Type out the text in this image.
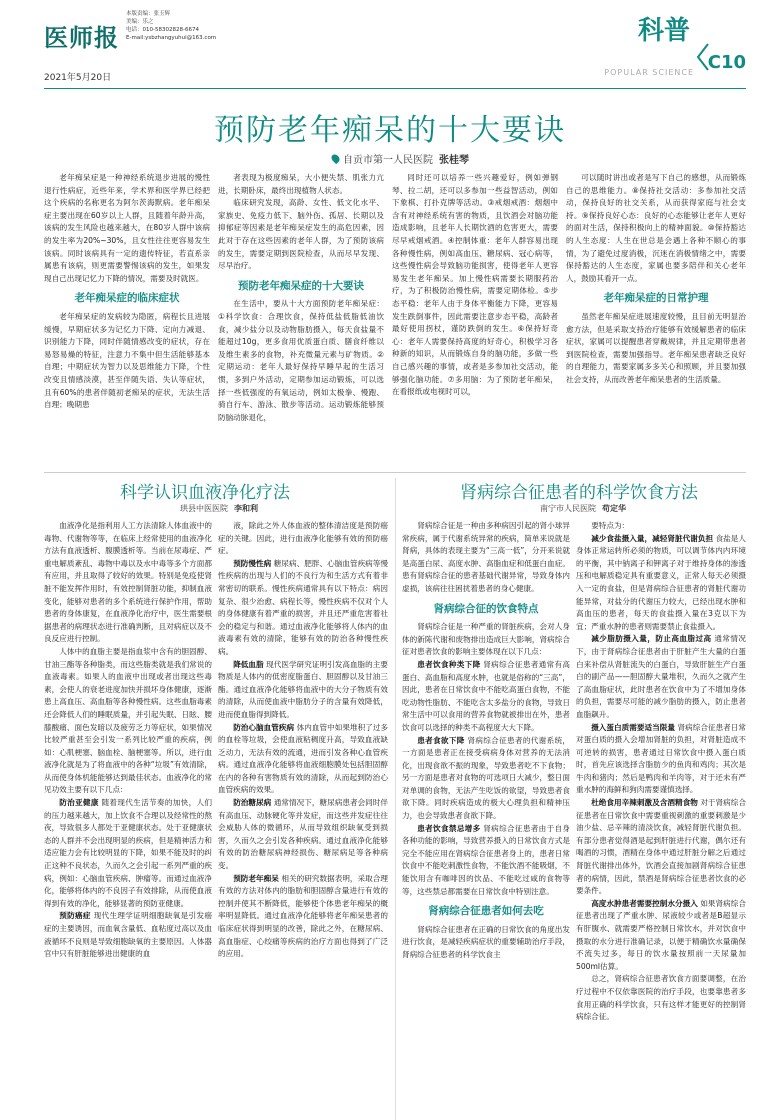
医师报
本版责编：张玉辉
美编：乐之
电话：010-58302828-6674
E-mail:ysbzhangyuhui@163.com
2021年5月20日
科普
POPULAR SCIENCE C10
预防老年痴呆的十大要诀
自贡市第一人民医院 张桂琴

老年痴呆症是一种神经系统退步进展的慢性退行性病症，近些年来，学术界和医学界已经把这个疾病的名称更名为阿尔茨海默病。老年痴呆症主要出现在60岁以上人群，且随着年龄升高，该病的发生风险也越来越大，在80岁人群中该病的发生率为20%~30%，且女性往往更容易发生该病。同时该病具有一定的遗传特征，若直系亲属患有该病，则更需要警惕该病的发生，如果发现自己出现记忆力下降的情况，需要及时就医。

老年痴呆症的临床症状

老年痴呆症的发病较为隐匿，病程长且进展缓慢，早期症状多为记忆力下降、定向力减退、识别能力下降，同时伴随情感改变的症状，存在易怒易燥的特征，注意力不集中但生活能够基本自理；中期症状为智力以及思维能力下降，个性改变且情感淡漠，甚至伴随失语、失认等症状，且有60%的患者伴随初老痴呆的症状，无法生活自理；晚期患

者表现为极度痴呆，大小便失禁、肌张力亢进，长期卧床，最终出现植物人状态。

临床研究发现，高龄、女性、低文化水平、家族史、免疫力低下、脑外伤、孤居、长期以及抑郁症等因素是老年痴呆症发生的高危因素，因此对于存在这些因素的老年人群，为了预防该病的发生，需要定期到医院检查，从而尽早发现、尽早治疗。

预防老年痴呆症的十大要诀

在生活中，要从十大方面预防老年痴呆症：①科学饮食：合理饮食，保持低盐低脂低油饮食，减少盐分以及动物脂肪摄入，每天食盐量不能超过10g，更多食用优质蛋白质、膳食纤维以及维生素多的食物，补充微量元素与矿物质。②定期运动：老年人最好保持早睡早起的生活习惯，多到户外活动，定期参加运动锻炼，可以选择一些低强度的有氧运动，例如太极拳、慢跑、骑自行车、游泳、散步等活动。运动锻炼能够预防脑动脉退化，

同时还可以培养一些兴趣爱好，例如弹钢琴、拉二胡，还可以多参加一些益智活动，例如下象棋、打扑克牌等活动。③戒烟戒酒：烟烟中含有对神经系统有害的物质，且饮酒会对脑功能造成影响，且老年人长期饮酒的危害更大，需要尽早戒烟戒酒。④控制体重：老年人群容易出现各种慢性病，例如高血压、糖尿病、冠心病等，这些慢性病会导致脑功能损害，使得老年人更容易发生老年痴呆。加上慢性病需要长期服药治疗，为了积极防治慢性病，需要定期体检。⑤步态平稳：老年人由于身体平衡能力下降，更容易发生跌倒事件，因此需要注意步态平稳，高龄者最好使用拐杖，谨防跌倒的发生。⑥保持好奇心：老年人需要保持高度的好奇心，积极学习各种新的知识，从而锻炼自身的脑功能，多做一些自己感兴趣的事情，或者是多参加社交活动，能够强化脑功能。⑦多用脑：为了预防老年痴呆，在看报纸或电视时可以，

可以随时讲出或者是写下自己的感想，从而锻炼自己的思维能力。⑧保持社交活动：多参加社交活动，保持良好的社交关系，从而获得家庭与社会支持。⑨保持良好心态：良好的心态能够让老年人更好的面对生活，保持积极向上的精神面貌。⑩保持豁达的人生态度：人生在世总是会遇上各种不顺心的事情，为了避免过度消极，沉迷在消极情绪之中，需要保持豁达的人生态度，家属也要多陪伴和关心老年人，鼓励其看开一点。

老年痴呆症的日常护理

虽然老年痴呆症进展速度较慢，且目前无明显治愈方法，但是采取支持治疗能够有效缓解患者的临床症状，家属可以提醒患者穿戴规律，并且定期带患者到医院检查，需要加强指导。老年痴呆患者缺乏良好的自理能力，需要家属多多关心和照顾，并且要加强社会支持，从而改善老年痴呆患者的生活质量。

科学认识血液净化疗法
珙县中医医院 李和利

血液净化是指利用人工方法清除人体血液中的毒物、代谢物等等，在临床上经常使用的血液净化方法有血液透析、腹膜透析等。当前在尿毒症、严重电解质紊乱、毒物中毒以及水中毒等多个方面都有应用，并且取得了较好的效果。特别是免疫使肾脏不能发挥作用时，有效控制肾脏功能，抑制血液变化，能够对患者的多个系统进行保护作用，帮助患者的身体康复，在血液净化治疗中，医生需要根据患者的病理状态进行准确判断，且对病症以及不良反应进行控制。

人体中的血脂主要是指血浆中含有的胆固醇、甘油三酯等各种脂类，而这些脂类就是我们常说的血液毒素。如果人的血液中出现或者出现这些毒素，会使人的衰老进度加快并损坏身体健康，逐渐患上高血压、高血脂等各种慢性病。这些血脂毒素还会降低人们的睡眠质量，并引起失眠、日眩、腰膝酸痛、面色发暗以及疲劳乏力等症状，如果情况比较严重甚至会引发一系列比较严重的疾病，例如：心肌梗塞、脑血栓、脑梗塞等。所以，进行血液净化就是为了将血液中的各种“垃圾”有效清除，从而使身体机能能够达到最佳状态。血液净化的常见功效主要有以下几点：

防治亚健康 随着现代生活节奏的加快，人们的压力越来越大，加上饮食不合理以及经常性的熬夜，导致很多人都处于亚健康状态。处于亚健康状态的人群并不会出现明显的疾病，但是精神活力和适应能力会有比较明显的下降，如果不能及时的纠正这种不良状态，久而久之会引起一系列严重的疾病，例如：心脑血管疾病、肿瘤等。而通过血液净化，能够将体内的不良因子有效排除，从而使血液得到有效的净化，能够显著的预防亚健康。

预防癌症 现代生理学证明细胞缺氧是引发癌症的主要诱因，而血氧含量低、血粘度过高以及血液循环不良则是导致细胞缺氧的主要原因。人体器官中只有肝脏能够进出健康的血

液，除此之外人体血液的整体清洁度是预防癌症的关键。因此，进行血液净化能够有效的预防癌症。

预防慢性病 糖尿病、肥胖、心脑血管疾病等慢性疾病的出现与人们的不良行为和生活方式有着非常密切的联系。慢性疾病通常具有以下特点：病因复杂、很少治愈、病程长等，慢性疾病不仅对个人的身体健康有着严重的损害，并且还严重危害着社会的稳定与和谐。通过血液净化能够将人体内的血液毒素有效的清除，能够有效的防治各种慢性疾病。

降低血脂 现代医学研究证明引发高血脂的主要物质是人体内的低密度脂蛋白、胆固醇以及甘油三酯。通过血液净化能够将血液中的大分子物质有效的清除，从而使血液中脂肪分子的含量有效降低，进而使血脂得到降低。

防治心脑血管疾病 体内血管中如果堆积了过多的血栓等垃圾，会使血液粘稠度升高，导致血液缺乏动力，无法有效的流通，进而引发各种心血管疾病。通过血液净化能够将血液细胞膜处包括胆固醇在内的各种有害物质有效的清除，从而起到防治心血管疾病的效果。

防治糖尿病 通常情况下，糖尿病患者会同时伴有高血压、动脉硬化等并发症，而这些并发症往往会威胁人体的微循环，从而导致组织缺氧受到损害，久而久之会引发各种疾病。通过血液净化能够有效的防治糖尿病神经损伤、糖尿病足等各种病变。

预防老年痴呆 相关的研究数据表明，采取合理有效的方法对体内的脂肪和胆固醇含量进行有效的控制并使其不断降低，能够使个体患老年痴呆的概率明显降低。通过血液净化能够将老年痴呆患者的临床症状得到明显的改善，除此之外，在糖尿病、高血脂症、心绞痛等疾病的治疗方面也得到了广泛的应用。

肾病综合征患者的科学饮食方法
南宁市人民医院 苟定华

肾病综合征是一种由多种病因引起的肾小球异常疾病，属于代谢系统异常的疾病，简单来说就是肾病，具体的表现主要为“三高一低”，分开来说就是高蛋白尿、高度水肿、高脂血症和低蛋白血症。患有肾病综合征的患者基础代谢异常，导致身体内虚损，该病往往困扰着患者的身心健康。

肾病综合征的饮食特点

肾病综合征是一种严重的肾脏疾病，会对人身体的新陈代谢和废物排出造成巨大影响，肾病综合征对患者饮食的影响主要体现在以下几点：

患者饮食种类下降 肾病综合征患者通常有高蛋白、高血脂和高度水肿，也就是俗称的“三高”，因此，患者在日常饮食中不能吃高蛋白食物，不能吃动物性脂肪、不能吃含太多盐分的食物，导致日常生活中可以食用的营养食物就被排出在外，患者饮食可以选择的种类不高程度大大下降。

患者食欲下降 肾病综合征患者的代谢系统，一方面是患者正在接受病病身体对营养的无法消化，出现食欲不振的现象，导致患者吃不下食物；另一方面是患者对食物的可选项日大减少，整日面对单调的食物，无法产生吃饭的欲望，导致患者食欲下降。同时疾病造成的极大心理负担和精神压力，也会导致患者食欲下降。

患者饮食禁忌增多 肾病综合征患者由于自身各种功能的影响，导致营养摄入的日常饮食方式是完全不能应用在肾病综合征患者身上的，患者日常饮食中不能吃刺激性食物，不能饮酒不能吸烟，不能饮用含有咖啡因的饮品、不能吃过咸的食物等等，这些禁忌都需要在日常饮食中特别注意。

肾病综合征患者如何去吃

肾病综合征患者在正确的日常饮食的角度出发进行饮食，是减轻疾病症状的重要辅助治疗手段，肾病综合征患者的科学饮食主

要特点为：

减少食盐摄入量，减轻肾脏代谢负担 食盐是人身体正常运转所必须的物质，可以调节体内内环境的平衡，其中钠离子和钾离子对于维持身体的渗透压和电解质稳定具有重要意义，正常人每天必须摄入一定的食盐，但是肾病综合征患者的肾脏代谢功能异常，对盐分的代谢压力较大，已经出现水肿和高血压的患者，每天的食盐摄入量在3克以下为宜；严重水肿的患者则需要禁止食盐摄入。

减少脂肪摄入量，防止高血脂过高 通常情况下，由于肾病综合征患者由于肝脏产生大量的白蛋白来补偿从肾脏流失的白蛋白，导致肝脏生产白蛋白的副产品——胆固醇大量堆积，久而久之就产生了高血脂症状，此时患者在饮食中为了不增加身体的负担，需要尽可能的减少脂肪的摄入，防止患者血脂飙升。

摄入蛋白质需要适当限量 肾病综合征患者日常对蛋白质的摄入会增加肾脏的负担，对肾脏造成不可逆转的损害，患者通过日常饮食中摄入蛋白质时，首先应该选择含脂肪少的鱼肉和鸡肉；其次是牛肉和猪肉；然后是鸭肉和羊肉等，对于还未有严重水肿的海鲜和狗肉需要谨慎选择。

杜绝食用辛辣刺激及含酒精食物 对于肾病综合征患者在日常饮食中需要重视刺激的重要刺激是少油少盐、忌辛辣的清淡饮食，减轻肾脏代谢负担。有部分患者觉得酒是起到肝脏进行代谢，偶尔还有喝酒的习惯，酒精在身体中通过肝脏分解之后通过肾脏代谢排出体外，饮酒会直接加剧肾病综合征患者的病情，因此，禁酒是肾病综合征患者饮食的必要条件。

高度水肿患者需要控制水分摄入 如果肾病综合征患者出现了严重水肿、尿液较少或者是B超显示有肝腹水、就需要严格控制日常饮水，并对饮食中摄取的水分进行准确记录，以便于精确饮水量确保不流失过多，每日的饮水量按照前一天尿量加500ml估算。

总之，肾病综合征患者饮食方面要调整，在治疗过程中不仅依靠医院的治疗手段，也要靠患者多食用正确的科学饮食，只有这样才能更好的控制肾病综合征。
